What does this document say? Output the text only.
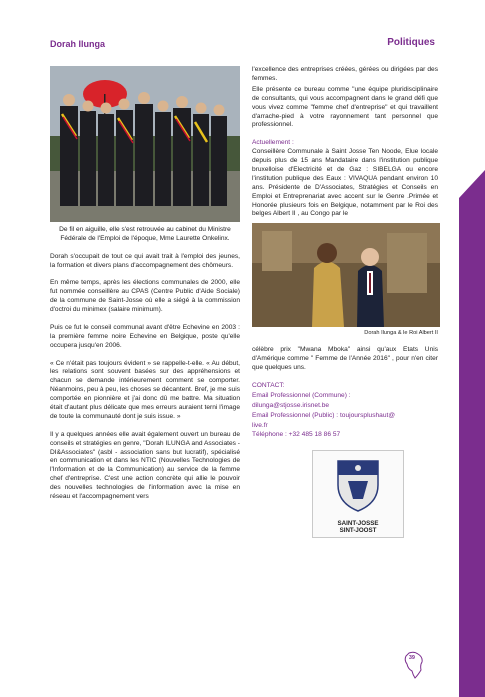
Dorah Ilunga	Politiques

De fil en aiguille, elle s'est retrouvée au cabinet du Ministre Fédérale de l'Emploi de l'époque, Mme Laurette Onkelinx.

Dorah s'occupait de tout ce qui avait trait à l'emploi des jeunes, la formation et divers plans d'accompagnement des chômeurs.

En même temps, après les élections communales de 2000, elle fut nommée conseillère au CPAS (Centre Public d'Aide Sociale) de la commune de Saint-Josse où elle a siégé à la commission d'octroi du minimex (salaire minimum).

Puis ce fut le conseil communal avant d'être Echevine en 2003 : la première femme noire Echevine en Belgique, poste qu'elle occupera jusqu'en 2006.

« Ce n'était pas toujours évident » se rappelle-t-elle. « Au début, les relations sont souvent basées sur des appréhensions et chacun se demande intérieurement comment se comporter. Néanmoins, peu à peu, les choses se décantent. Bref, je me suis comportée en pionnière et j'ai donc dû me battre. Ma situation était d'autant plus délicate que mes erreurs auraient terni l'image de toute la communauté dont je suis issue. »

Il y a quelques années elle avait également ouvert un bureau de conseils et stratégies en genre, "Dorah ILUNGA and Associates - DI&Associates" (asbl - association sans but lucratif), spécialisé en communication et dans les NTIC (Nouvelles Technologies de l'Information et de la Communication) au service de la femme chef d'entreprise. C'est une action concrète qui allie le pouvoir des nouvelles technologies de l'information avec la mise en réseau et l'accompagnement vers

l'excellence des entreprises créées, gérées ou dirigées par des femmes.

Elle présente ce bureau comme "une équipe pluridisciplinaire de consultants, qui vous accompagnent dans le grand défi que vous vivez comme "femme chef d'entreprise" et qui travaillent d'arrache-pied à votre rayonnement tant personnel que professionnel.

Actuellement :

Conseillère Communale à Saint Josse Ten Noode, Elue locale depuis plus de 15 ans Mandataire dans l'institution publique bruxelloise d'Electricité et de Gaz : SIBELGA ou encore l'institution publique des Eaux : VIVAQUA pendant environ 10 ans. Présidente de D'Associates, Stratégies et Conseils en Emploi et Entreprenariat avec accent sur le Genre .Primée et Honorée plusieurs fois en Belgique, notamment par le Roi des belges Albert II , au Congo par le

Dorah Ilunga & le Roi Albert II

célèbre prix "Mwana Mboka" ainsi qu'aux Etats Unis d'Amérique comme " Femme de l'Année 2016" , pour n'en citer que quelques uns.

CONTACT:
Email Professionnel (Commune) :
dilunga@stjosse.irisnet.be
Email Professionnel (Public) : toujoursplushaut@
live.fr
Téléphone : +32 485 18 86 57
SAINT-JOSSE
SINT-JOOST
39
